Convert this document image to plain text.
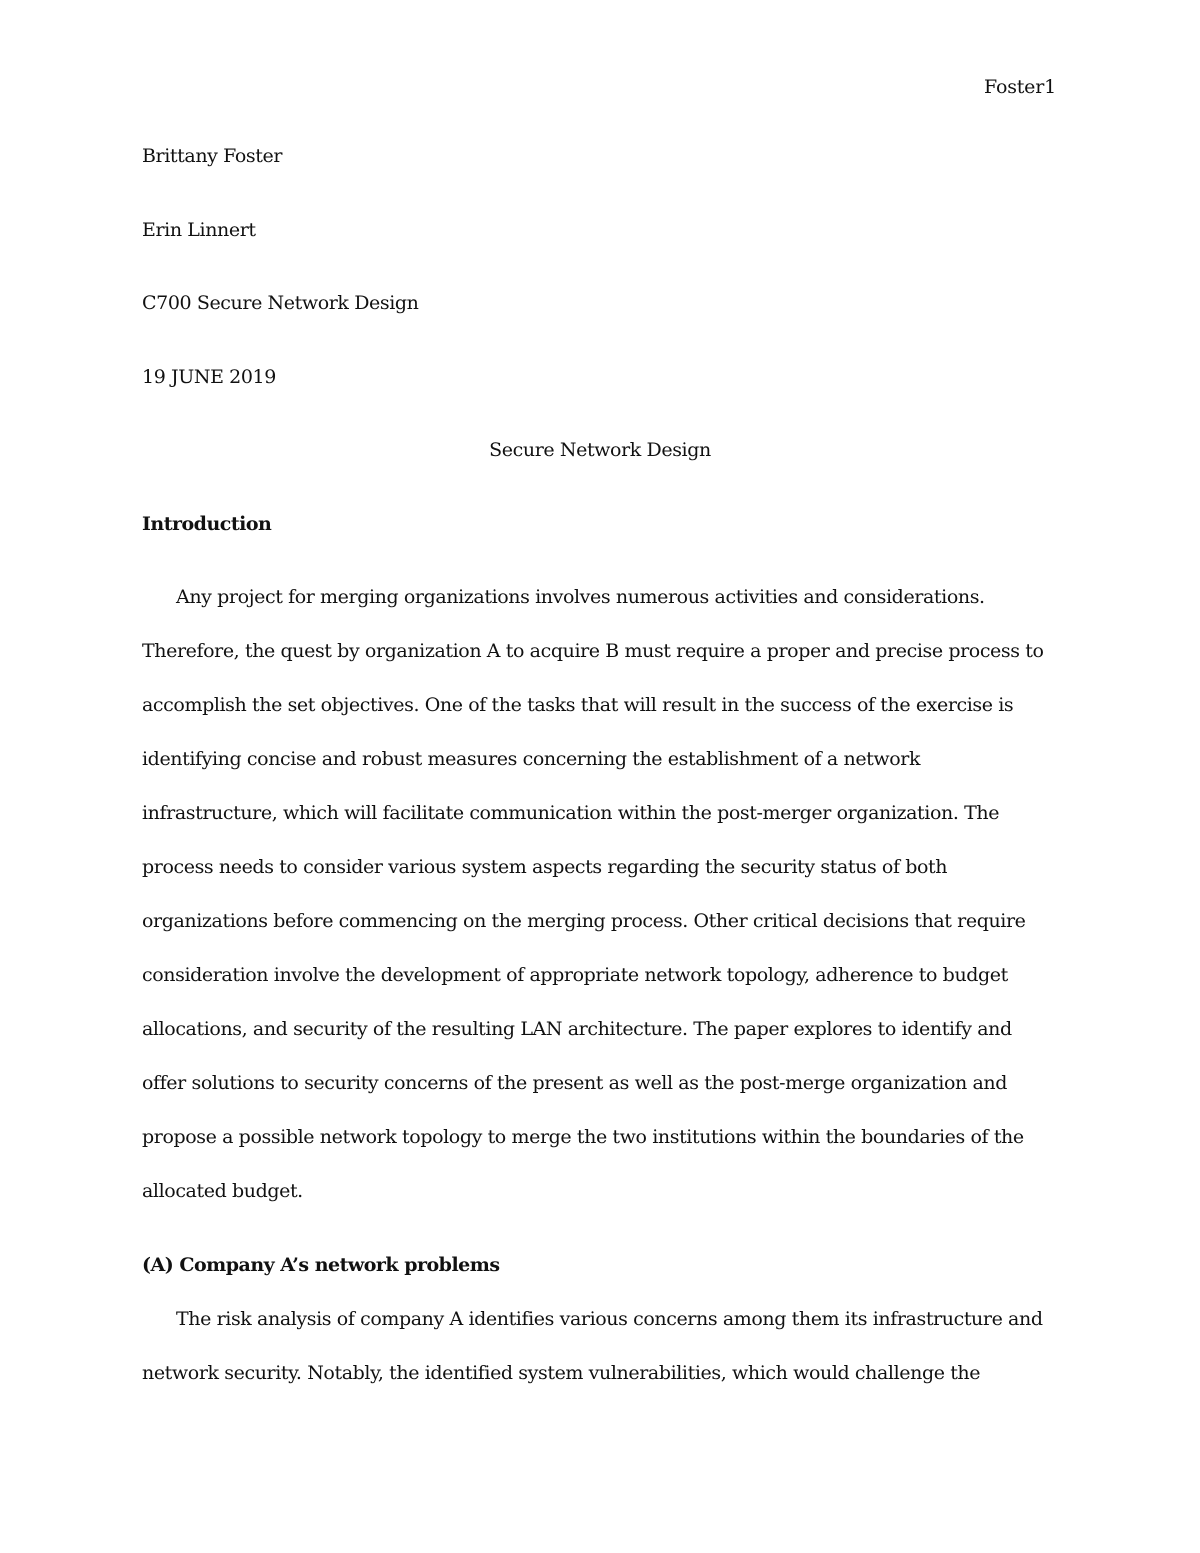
Foster1
Brittany Foster
Erin Linnert
C700 Secure Network Design
19 JUNE 2019
Secure Network Design
Introduction
Any project for merging organizations involves numerous activities and considerations.
Therefore, the quest by organization A to acquire B must require a proper and precise process to
accomplish the set objectives. One of the tasks that will result in the success of the exercise is
identifying concise and robust measures concerning the establishment of a network
infrastructure, which will facilitate communication within the post-merger organization. The
process needs to consider various system aspects regarding the security status of both
organizations before commencing on the merging process. Other critical decisions that require
consideration involve the development of appropriate network topology, adherence to budget
allocations, and security of the resulting LAN architecture. The paper explores to identify and
offer solutions to security concerns of the present as well as the post-merge organization and
propose a possible network topology to merge the two institutions within the boundaries of the
allocated budget.
(A) Company A’s network problems
The risk analysis of company A identifies various concerns among them its infrastructure and
network security. Notably, the identified system vulnerabilities, which would challenge the
